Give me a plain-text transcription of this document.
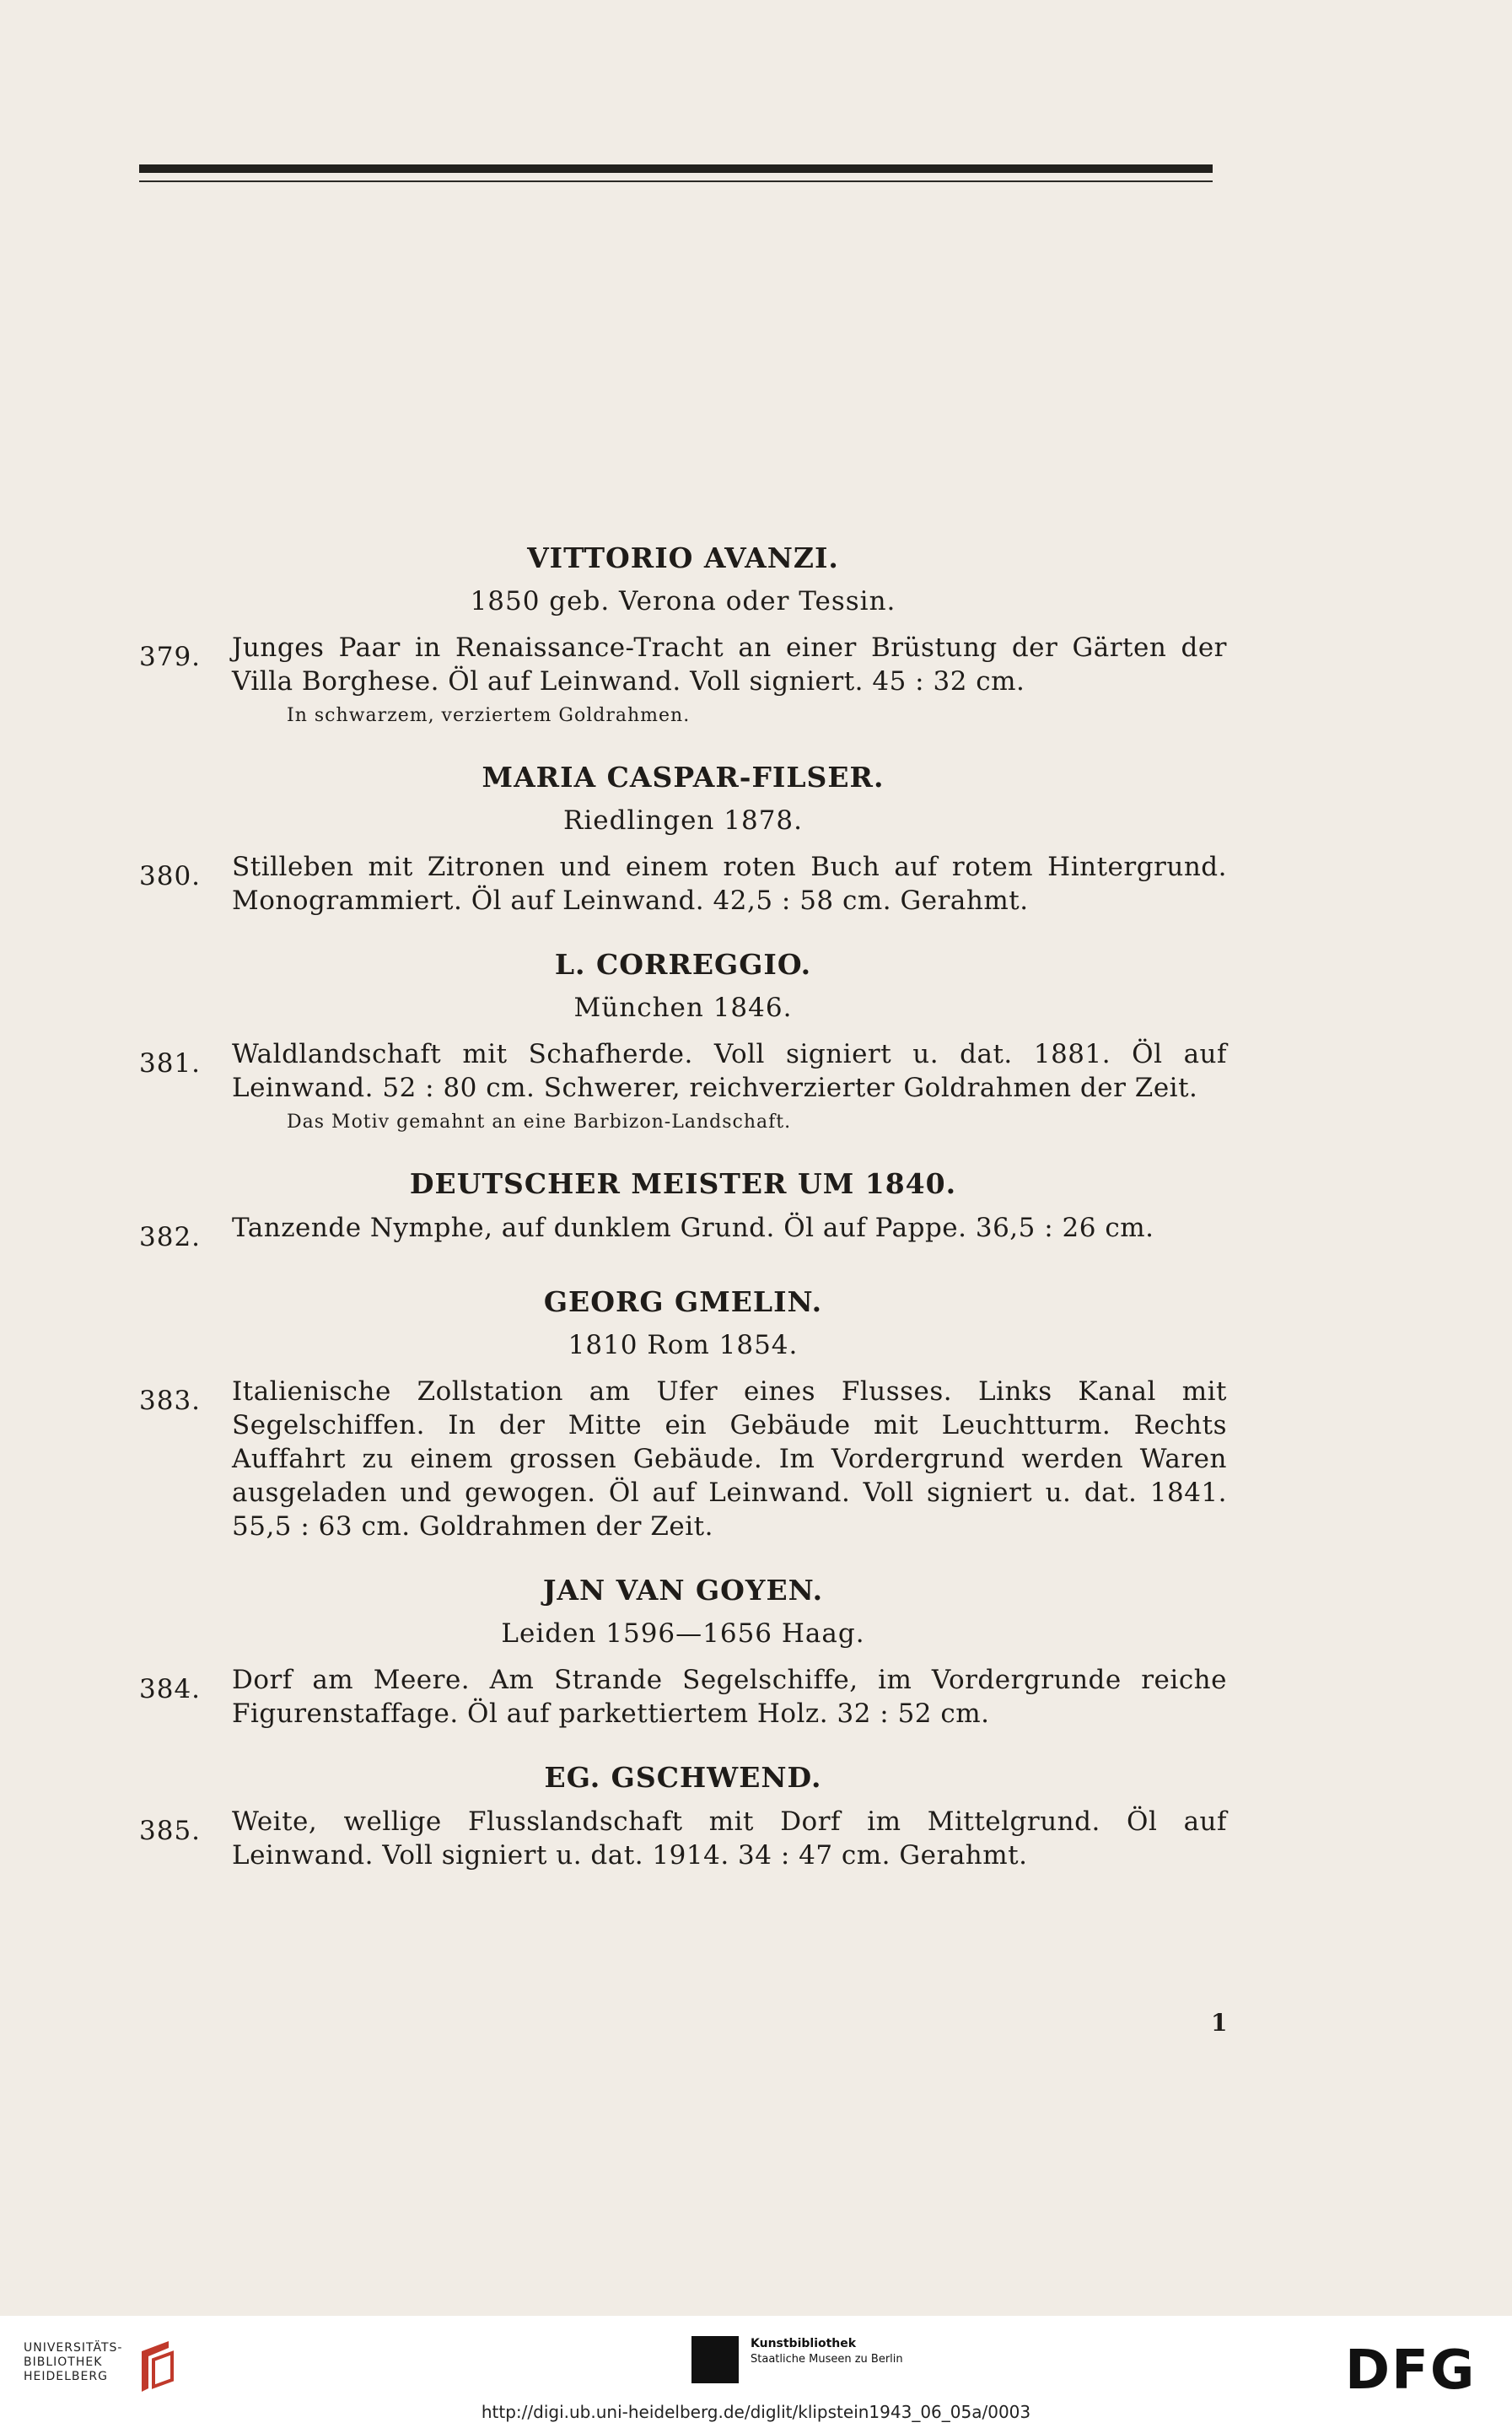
VITTORIO AVANZI.
1850 geb. Verona oder Tessin.
379.	Junges Paar in Renaissance-Tracht an einer Brüstung der Gärten der Villa Borghese. Öl auf Leinwand. Voll signiert. 45 : 32 cm.
In schwarzem, verziertem Goldrahmen.
MARIA CASPAR-FILSER.
Riedlingen 1878.
380.	Stilleben mit Zitronen und einem roten Buch auf rotem Hintergrund. Monogrammiert. Öl auf Leinwand. 42,5 : 58 cm. Gerahmt.
L. CORREGGIO.
München 1846.
381.	Waldlandschaft mit Schafherde. Voll signiert u. dat. 1881. Öl auf Leinwand. 52 : 80 cm. Schwerer, reichverzierter Goldrahmen der Zeit.
Das Motiv gemahnt an eine Barbizon-Landschaft.
DEUTSCHER MEISTER UM 1840.
382.	Tanzende Nymphe, auf dunklem Grund. Öl auf Pappe. 36,5 : 26 cm.
GEORG GMELIN.
1810 Rom 1854.
383.	Italienische Zollstation am Ufer eines Flusses. Links Kanal mit Segelschiffen. In der Mitte ein Gebäude mit Leuchtturm. Rechts Auffahrt zu einem grossen Gebäude. Im Vordergrund werden Waren ausgeladen und gewogen. Öl auf Leinwand. Voll signiert u. dat. 1841. 55,5 : 63 cm. Goldrahmen der Zeit.
JAN VAN GOYEN.
Leiden 1596—1656 Haag.
384.	Dorf am Meere. Am Strande Segelschiffe, im Vordergrunde reiche Figurenstaffage. Öl auf parkettiertem Holz. 32 : 52 cm.
EG. GSCHWEND.
385.	Weite, wellige Flusslandschaft mit Dorf im Mittelgrund. Öl auf Leinwand. Voll signiert u. dat. 1914. 34 : 47 cm. Gerahmt.
1
UNIVERSITÄTS-
BIBLIOTHEK
HEIDELBERG
Kunstbibliothek
Staatliche Museen zu Berlin	DFG
http://digi.ub.uni-heidelberg.de/diglit/klipstein1943_06_05a/0003
